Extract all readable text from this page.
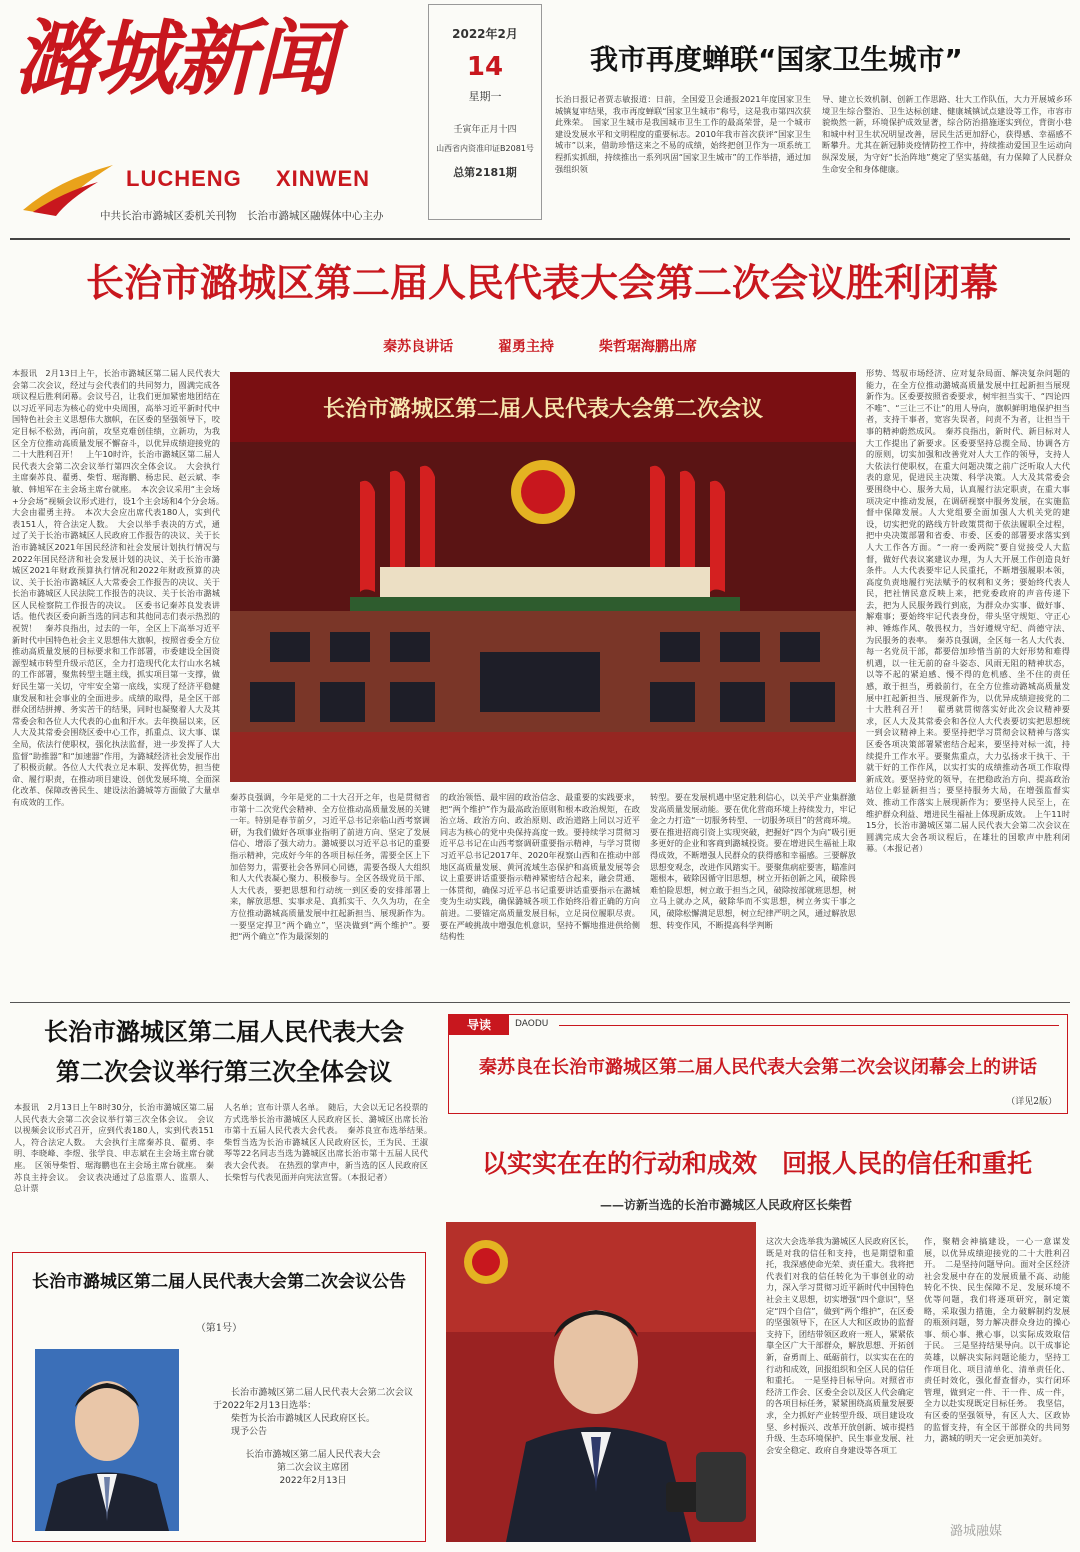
潞城新闻
LUCHENG XINWEN
中共长治市潞城区委机关刊物　长治市潞城区融媒体中心主办
2022年2月
14
星期一
壬寅年正月十四
山西省内资准印证B2081号
总第2181期
我市再度蝉联“国家卫生城市”
长治日报记者贾志敏报道：日前，全国爱卫会通报2021年度国家卫生城镇复审结果，我市再度蝉联“国家卫生城市”称号，这是我市第四次获此殊荣。　国家卫生城市是我国城市卫生工作的最高荣誉，是一个城市建设发展水平和文明程度的重要标志。2010年我市首次获评“国家卫生城市”以来，借助珍惜这来之不易的成绩，始终把创卫作为一项系统工程抓实抓细，持续推出一系列巩固“国家卫生城市”的工作举措，通过加强组织领
导、建立长效机制、创新工作思路、壮大工作队伍，大力开展城乡环境卫生综合整治、卫生达标创建、健康城镇试点建设等工作，市容市貌焕然一新，环境保护成效显著，综合防治措施逐实到位，背街小巷和城中村卫生状况明显改善，居民生活更加舒心，获得感、幸福感不断攀升。尤其在新冠肺炎疫情防控工作中，持续推动爱国卫生运动向纵深发展，为守好“长治阵地”奠定了坚实基础，有力保障了人民群众生命安全和身体健康。
长治市潞城区第二届人民代表大会第二次会议胜利闭幕
秦苏良讲话	翟勇主持	柴哲琚海鹏出席
本报讯　2月13日上午，长治市潞城区第二届人民代表大会第二次会议，经过与会代表们的共同努力，圆满完成各项议程后胜利闭幕。会议号召，让我们更加紧密地团结在以习近平同志为核心的党中央周围，高举习近平新时代中国特色社会主义思想伟大旗帜，在区委的坚强领导下，咬定目标不松劲，再向前，攻坚克难创佳绩，立新功，为我区全方位推动高质量发展不懈奋斗，以优异成绩迎接党的二十大胜利召开！　上午10时许，长治市潞城区第二届人民代表大会第二次会议举行第四次全体会议。　大会执行主席秦苏良、翟勇、柴哲、琚海鹏、杨忠民、赵云斌、李敏、韩旭军在主会场主席台就座。　本次会议采用“主会场+分会场”视频会议形式进行，设1个主会场和4个分会场。　大会由翟勇主持。　本次大会应出席代表180人，实到代表151人，符合法定人数。　大会以举手表决的方式，通过了关于长治市潞城区人民政府工作报告的决议、关于长治市潞城区2021年国民经济和社会发展计划执行情况与2022年国民经济和社会发展计划的决议、关于长治市潞城区2021年财政预算执行情况和2022年财政预算的决议、关于长治市潞城区人大常委会工作报告的决议、关于长治市潞城区人民法院工作报告的决议、关于长治市潞城区人民检察院工作报告的决议。　区委书记秦苏良发表讲话。他代表区委向新当选的同志和其他同志们表示热烈的祝贺！　秦苏良指出，过去的一年，全区上下高举习近平新时代中国特色社会主义思想伟大旗帜，按照省委全方位推动高质量发展的目标要求和工作部署，市委建设全国资源型城市转型升级示范区，全力打造现代化太行山水名城的工作部署，聚焦转型主题主线，抓实项目第一支撑，做好民生第一关切，守牢安全第一底线，实现了经济平稳健康发展和社会事业的全面进步。成绩的取得，是全区干部群众团结拼搏、务实苦干的结果，同时也凝聚着人大及其常委会和各位人大代表的心血和汗水。去年换届以来，区人大及其常委会围绕区委中心工作，抓重点、议大事、谋全局，依法行使职权，强化执法监督，进一步发挥了人大监督“助推器”和“加速器”作用，为潞城经济社会发展作出了积极贡献。各位人大代表立足本职、发挥优势，担当使命、履行职责，在推动项目建设、创优发展环境、全面深化改革、保障改善民生、建设法治潞城等方面做了大量卓有成效的工作。
长治市潞城区第二届人民代表大会第二次会议
形势、驾驭市场经济、应对复杂局面、解决复杂问题的能力，在全方位推动潞城高质量发展中扛起新担当展现新作为。区委要按照省委要求，树牢担当实干、“四论四不唯”、“三让三不让”的用人导向，旗帜鲜明地保护担当者，支持干事者，宽容失误者，问责不为者，让担当干事的精神蔚然成风。　秦苏良指出，新时代、新目标对人大工作提出了新要求。区委要坚持总揽全局、协调各方的原则，切实加强和改善党对人大工作的领导，支持人大依法行使职权，在重大问题决策之前广泛听取人大代表的意见，促进民主决策、科学决策。人大及其常委会要围绕中心、服务大局，认真履行法定职责，在重大事项决定中推动发展，在调研视察中服务发展，在实施监督中保障发展。人大党组要全面加强人大机关党的建设，切实把党的路线方针政策贯彻于依法履职全过程，把中央决策部署和省委、市委、区委的部署要求落实到人大工作各方面。“一府一委两院”要自觉接受人大监督，做好代表议案建议办理，为人大开展工作创造良好条件。人大代表要牢记人民重托，不断增强履职本领，高度负责地履行宪法赋予的权利和义务；要始终代表人民，把社情民意反映上来，把党委政府的声音传递下去，把为人民服务践行到底，为群众办实事、做好事、解难事；要始终牢记代表身份，带头坚守规矩、守正心神、锤炼作风、敬畏权力，当好遵规守纪、尚德守法、为民服务的表率。　秦苏良强调，全区每一名人大代表、每一名党员干部，都要倍加珍惜当前的大好形势和难得机遇，以一往无前的奋斗姿态、风雨无阻的精神状态，以等不起的紧迫感、慢不得的危机感、坐不住的责任感，敢于担当，勇毅前行，在全方位推动潞城高质量发展中扛起新担当、展现新作为，以优异成绩迎接党的二十大胜利召开！　翟勇就贯彻落实好此次会议精神要求，区人大及其常委会和各位人大代表要切实把思想统一到会议精神上来。要坚持把学习贯彻会议精神与落实区委各项决策部署紧密结合起来，要坚持对标一流，持续提升工作水平。要聚焦重点，大力弘扬求干执干、干就干好的工作作风，以实打实的成绩推动各项工作取得新成效。要坚持党的领导，在把稳政治方向、提高政治站位上彰显新担当；要坚持服务大局，在增强监督实效、推动工作落实上展现新作为；要坚持人民至上，在维护群众利益、增进民生福祉上体现新成效。　上午11时15分，长治市潞城区第二届人民代表大会第二次会议在圆满完成大会各项议程后，在雄壮的国歌声中胜利闭幕。（本报记者）
秦苏良强调，今年是党的二十大召开之年，也是贯彻省市第十二次党代会精神、全方位推动高质量发展的关键一年。特别是春节前夕，习近平总书记亲临山西考察调研，为我们做好各项事业指明了前进方向、坚定了发展信心、增添了强大动力。潞城要以习近平总书记的重要指示精神，完成好今年的各项目标任务，需要全区上下加倍努力，需要社会各界同心同德，需要各级人大组织和人大代表凝心聚力、积极参与。全区各级党员干部、人大代表，要把思想和行动统一到区委的安排部署上来，解放思想、实事求是、真抓实干、久久为功，在全方位推动潞城高质量发展中扛起新担当、展现新作为。一要坚定捍卫“两个确立”，坚决做到“两个维护”。要把“两个确立”作为最深刻的
的政治领悟、最牢固的政治信念、最重要的实践要求，把“两个维护”作为最高政治原则和根本政治规矩，在政治立场、政治方向、政治原则、政治道路上同以习近平同志为核心的党中央保持高度一致。要持续学习贯彻习近平总书记在山西考察调研重要指示精神，与学习贯彻习近平总书记2017年、2020年视察山西和在推动中部地区高质量发展、黄河流域生态保护和高质量发展等会议上重要讲话重要指示精神紧密结合起来，融会贯通、一体贯彻，确保习近平总书记重要讲话重要指示在潞城变为生动实践，确保潞城各项工作始终沿着正确的方向前进。二要锚定高质量发展目标，立足岗位履职尽责。要在严峻挑战中增强危机意识，坚持不懈地推进供给侧结构性
转型。要在发展机遇中坚定胜利信心，以关乎产业集群激发高质量发展动能。要在优化营商环境上持续发力，牢记金之力打造“一切服务转型、一切服务项目”的营商环境。要在推进招商引资上实现突破，把握好“四个为向”吸引更多更好的企业和客商到潞城投资。要在增进民生福祉上取得成效，不断增强人民群众的获得感和幸福感。三要解放思想变观念，改进作风踏实干。要聚焦病症要害，瞄准问题根本，破除因循守旧思想，树立开拓创新之风，破除畏难怕险思想，树立敢于担当之风，破除按部就班思想，树立马上就办之风，破除华而不实思想，树立务实干事之风，破除松懈满足思想，树立纪律严明之风，通过解放思想、转变作风，不断提高科学判断
长治市潞城区第二届人民代表大会
第二次会议举行第三次全体会议
本报讯　2月13日上午8时30分，长治市潞城区第二届人民代表大会第二次会议举行第三次全体会议。　会议以视频会议形式召开，应到代表180人，实到代表151人，符合法定人数。　大会执行主席秦苏良、翟勇、李明、李晓峰、李煜、张学良、申志斌在主会场主席台就座。　区领导柴哲、琚海鹏也在主会场主席台就座。　秦苏良主持会议。　会议表决通过了总监票人、监票人、总计票
人名单；宣布计票人名单。　随后，大会以无记名投票的方式选举长治市潞城区人民政府区长、潞城区出席长治市第十五届人民代表大会代表。　秦苏良宣布选举结果。　柴哲当选为长治市潞城区人民政府区长，王为民、王淑琴等22名同志当选为潞城区出席长治市第十五届人民代表大会代表。　在热烈的掌声中，新当选的区人民政府区长柴哲与代表见面并向宪法宣誓。（本报记者）
导读	DAODU
秦苏良在长治市潞城区第二届人民代表大会第二次会议闭幕会上的讲话
（详见2版）
以实实在在的行动和成效　回报人民的信任和重托
——访新当选的长治市潞城区人民政府区长柴哲
这次大会选举我为潞城区人民政府区长，既是对我的信任和支持，也是期望和重托，我深感使命光荣、责任重大。我将把代表们对我的信任转化为干事创业的动力，深入学习贯彻习近平新时代中国特色社会主义思想，切实增强“四个意识”，坚定“四个自信”，做到“两个维护”，在区委的坚强领导下，在区人大和区政协的监督支持下，团结带领区政府一班人，紧紧依靠全区广大干部群众，解放思想、开拓创新，奋勇而上、砥砺前行，以实实在在的行动和成效，回报组织和全区人民的信任和重托。　一是坚持目标导向。对照省市经济工作会、区委全会以及区人代会确定的各项目标任务，紧紧围绕高质量发展要求，全力抓好产业转型升级、项目建设攻坚、乡村振兴、改革开放创新、城市提档升级、生态环境保护、民生事业发展、社会安全稳定、政府自身建设等各项工
作，聚精会神搞建设，一心一意谋发展，以优异成绩迎接党的二十大胜利召开。　二是坚持问题导向。面对全区经济社会发展中存在的发展质量不高、动能转化不快、民生保障不足、发展环境不优等问题，我们将逐项研究，制定策略，采取强力措施，全力破解制约发展的瓶颈问题，努力解决群众身边的操心事、烦心事、揪心事，以实际成效取信于民。　三是坚持结果导向。以干成事论英雄，以解决实际问题论能力，坚持工作项目化、项目清单化、清单责任化、责任时效化，强化督查督办，实行闭环管理，做到定一件、干一件、成一件，全力以赴实现既定目标任务。　我坚信，有区委的坚强领导，有区人大、区政协的监督支持，有全区干部群众的共同努力，潞城的明天一定会更加美好。
长治市潞城区第二届人民代表大会第二次会议公告
（第1号）
长治市潞城区第二届人民代表大会第二次会议于2022年2月13日选举：
柴哲为长治市潞城区人民政府区长。
现予公告
长治市潞城区第二届人民代表大会
第二次会议主席团
2022年2月13日
潞城融媒
